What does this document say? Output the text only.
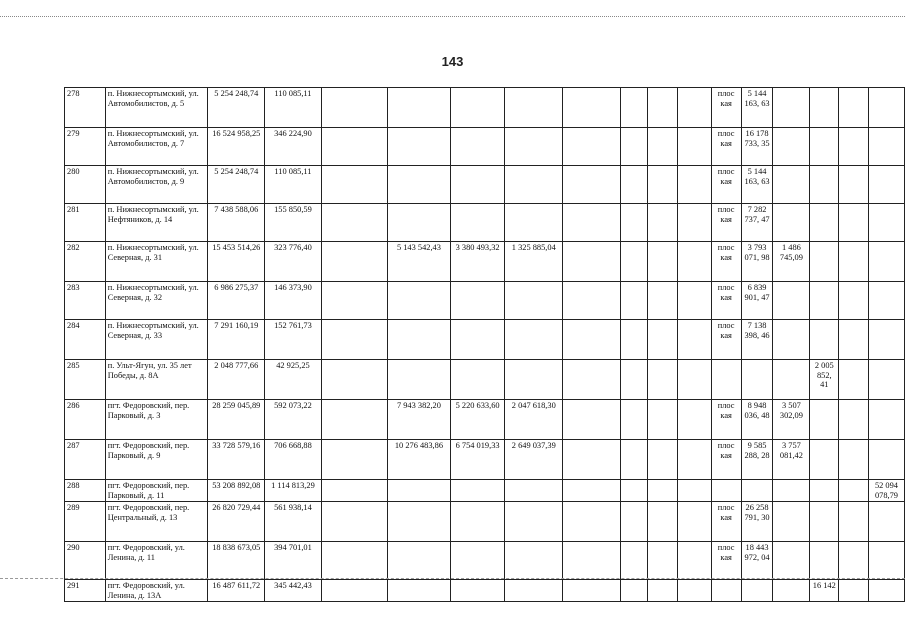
143
278	п. Нижнесортымский, ул. Автомобилистов, д. 5	5 254 248,74	110 085,11									плос кая	5 144 163, 63				
279	п. Нижнесортымский, ул. Автомобилистов, д. 7	16 524 958,25	346 224,90									плос кая	16 178 733, 35				
280	п. Нижнесортымский, ул. Автомобилистов, д. 9	5 254 248,74	110 085,11									плос кая	5 144 163, 63				
281	п. Нижнесортымский, ул. Нефтяников, д. 14	7 438 588,06	155 850,59									плос кая	7 282 737, 47				
282	п. Нижнесортымский, ул. Северная, д. 31	15 453 514,26	323 776,40		5 143 542,43	3 380 493,32	1 325 885,04					плос кая	3 793 071, 98	1 486 745,09			
283	п. Нижнесортымский, ул. Северная, д. 32	6 986 275,37	146 373,90									плос кая	6 839 901, 47				
284	п. Нижнесортымский, ул. Северная, д. 33	7 291 160,19	152 761,73									плос кая	7 138 398, 46				
285	п. Ульт-Ягун, ул. 35 лет Победы, д. 8А	2 048 777,66	42 925,25												2 005 852, 41		
286	пгт. Федоровский, пер. Парковый, д. 3	28 259 045,89	592 073,22		7 943 382,20	5 220 633,60	2 047 618,30					плос кая	8 948 036, 48	3 507 302,09			
287	пгт. Федоровский, пер. Парковый, д. 9	33 728 579,16	706 668,88		10 276 483,86	6 754 019,33	2 649 037,39					плос кая	9 585 288, 28	3 757 081,42			
288	пгт. Федоровский, пер. Парковый, д. 11	53 208 892,08	1 114 813,29														52 094 078,79
289	пгт. Федоровский, пер. Центральный, д. 13	26 820 729,44	561 938,14									плос кая	26 258 791, 30				
290	пгт. Федоровский, ул. Ленина, д. 11	18 838 673,05	394 701,01									плос кая	18 443 972, 04				
291	пгт. Федоровский, ул. Ленина, д. 13А	16 487 611,72	345 442,43												16 142		
